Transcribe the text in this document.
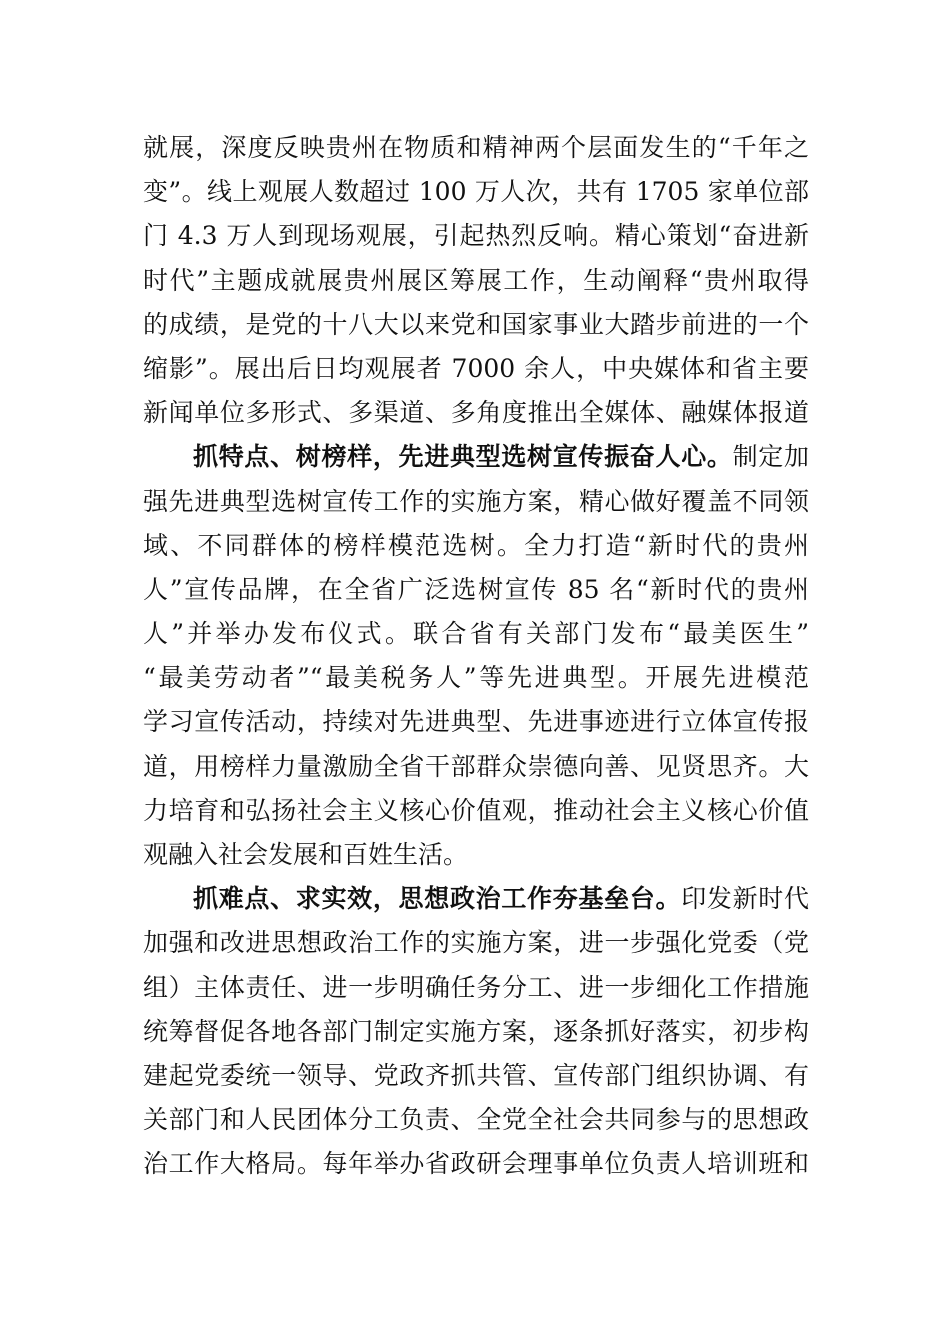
就展，深度反映贵州在物质和精神两个层面发生的“千年之
变”。线上观展人数超过 100 万人次，共有 1705 家单位部
门 4.3 万人到现场观展，引起热烈反响。精心策划“奋进新
时代”主题成就展贵州展区筹展工作，生动阐释“贵州取得
的成绩，是党的十八大以来党和国家事业大踏步前进的一个
缩影”。展出后日均观展者 7000 余人，中央媒体和省主要
新闻单位多形式、多渠道、多角度推出全媒体、融媒体报道
抓特点、树榜样，先进典型选树宣传振奋人心。制定加
强先进典型选树宣传工作的实施方案，精心做好覆盖不同领
域、不同群体的榜样模范选树。全力打造“新时代的贵州
人”宣传品牌，在全省广泛选树宣传 85 名“新时代的贵州
人”并举办发布仪式。联合省有关部门发布“最美医生”
“最美劳动者”“最美税务人”等先进典型。开展先进模范
学习宣传活动，持续对先进典型、先进事迹进行立体宣传报
道，用榜样力量激励全省干部群众崇德向善、见贤思齐。大
力培育和弘扬社会主义核心价值观，推动社会主义核心价值
观融入社会发展和百姓生活。
抓难点、求实效，思想政治工作夯基垒台。印发新时代
加强和改进思想政治工作的实施方案，进一步强化党委（党
组）主体责任、进一步明确任务分工、进一步细化工作措施
统筹督促各地各部门制定实施方案，逐条抓好落实，初步构
建起党委统一领导、党政齐抓共管、宣传部门组织协调、有
关部门和人民团体分工负责、全党全社会共同参与的思想政
治工作大格局。每年举办省政研会理事单位负责人培训班和
